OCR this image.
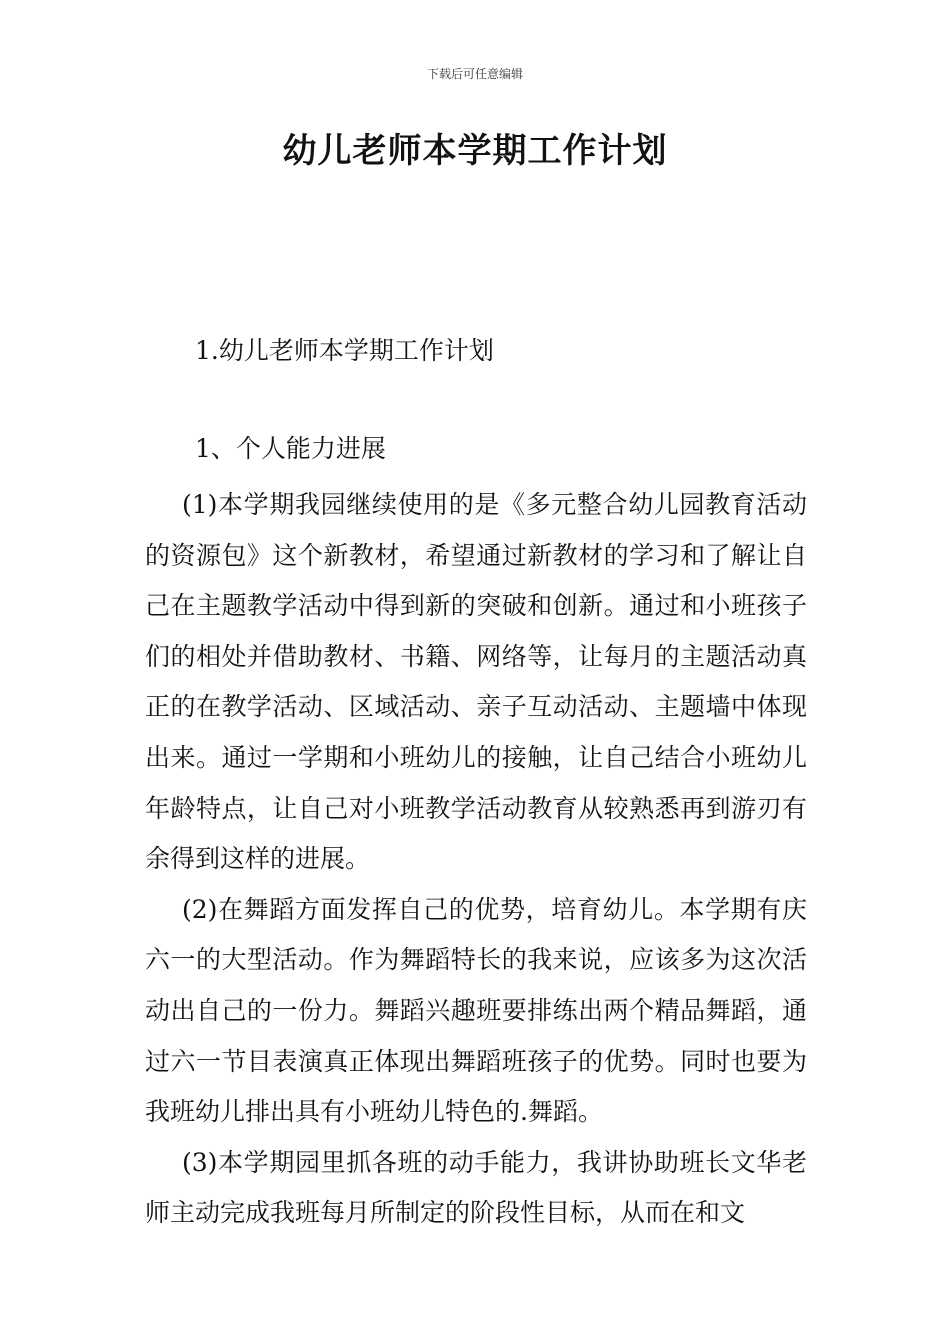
下载后可任意编辑
幼儿老师本学期工作计划
1.幼儿老师本学期工作计划
1、个人能力进展

(1)本学期我园继续使用的是《多元整合幼儿园教育活动的资源包》这个新教材，希望通过新教材的学习和了解让自己在主题教学活动中得到新的突破和创新。通过和小班孩子们的相处并借助教材、书籍、网络等，让每月的主题活动真正的在教学活动、区域活动、亲子互动活动、主题墙中体现出来。通过一学期和小班幼儿的接触，让自己结合小班幼儿年龄特点，让自己对小班教学活动教育从较熟悉再到游刃有余得到这样的进展。

(2)在舞蹈方面发挥自己的优势，培育幼儿。本学期有庆六一的大型活动。作为舞蹈特长的我来说，应该多为这次活动出自己的一份力。舞蹈兴趣班要排练出两个精品舞蹈，通过六一节目表演真正体现出舞蹈班孩子的优势。同时也要为我班幼儿排出具有小班幼儿特色的.舞蹈。

(3)本学期园里抓各班的动手能力，我讲协助班长文华老师主动完成我班每月所制定的阶段性目标，从而在和文
